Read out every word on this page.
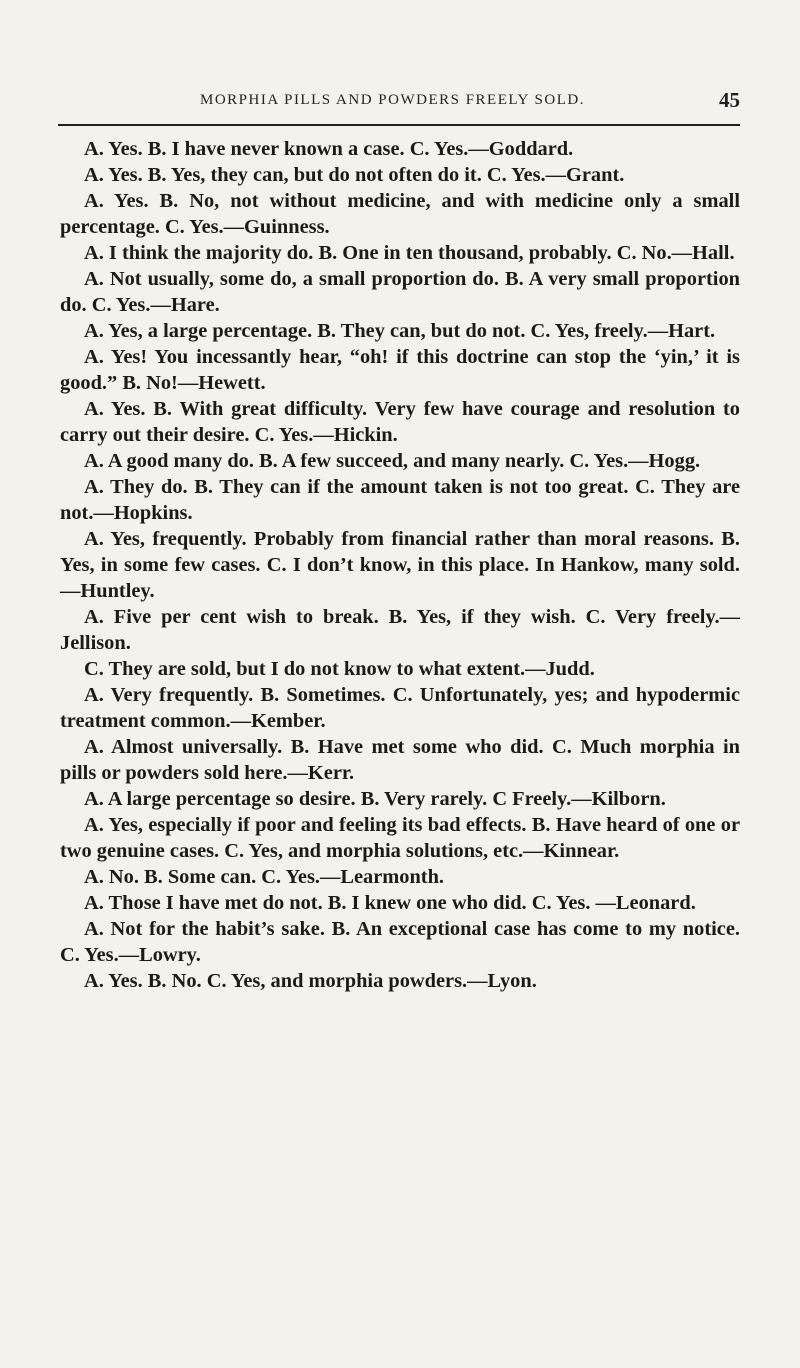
MORPHIA PILLS AND POWDERS FREELY SOLD.	45

A. Yes. B. I have never known a case. C. Yes.—Goddard.

A. Yes. B. Yes, they can, but do not often do it. C. Yes.—Grant.

A. Yes. B. No, not without medicine, and with medicine only a small percentage. C. Yes.—Guinness.

A. I think the majority do. B. One in ten thousand, probably. C. No.—Hall.

A. Not usually, some do, a small proportion do. B. A very small proportion do. C. Yes.—Hare.

A. Yes, a large percentage. B. They can, but do not. C. Yes, freely.—Hart.

A. Yes! You incessantly hear, “oh! if this doctrine can stop the ‘yin,’ it is good.” B. No!—Hewett.

A. Yes. B. With great difficulty. Very few have courage and resolution to carry out their desire. C. Yes.—Hickin.

A. A good many do. B. A few succeed, and many nearly. C. Yes.—Hogg.

A. They do. B. They can if the amount taken is not too great. C. They are not.—Hopkins.

A. Yes, frequently. Probably from financial rather than moral reasons. B. Yes, in some few cases. C. I don’t know, in this place. In Hankow, many sold.—Huntley.

A. Five per cent wish to break. B. Yes, if they wish. C. Very freely.—Jellison.

C. They are sold, but I do not know to what extent.—Judd.

A. Very frequently. B. Sometimes. C. Unfortunately, yes; and hypodermic treatment common.—Kember.

A. Almost universally. B. Have met some who did. C. Much morphia in pills or powders sold here.—Kerr.

A. A large percentage so desire. B. Very rarely. C Freely.—Kilborn.

A. Yes, especially if poor and feeling its bad effects. B. Have heard of one or two genuine cases. C. Yes, and morphia solutions, etc.—Kinnear.

A. No. B. Some can. C. Yes.—Learmonth.

A. Those I have met do not. B. I knew one who did. C. Yes. —Leonard.

A. Not for the habit’s sake. B. An exceptional case has come to my notice. C. Yes.—Lowry.

A. Yes. B. No. C. Yes, and morphia powders.—Lyon.
